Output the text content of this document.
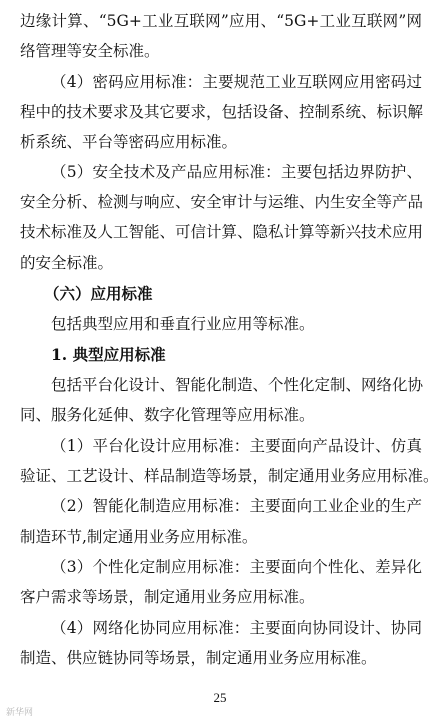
边缘计算、“5G+工业互联网”应用、“5G+工业互联网”网
络管理等安全标准。
（4）密码应用标准：主要规范工业互联网应用密码过
程中的技术要求及其它要求，包括设备、控制系统、标识解
析系统、平台等密码应用标准。
（5）安全技术及产品应用标准：主要包括边界防护、
安全分析、检测与响应、安全审计与运维、内生安全等产品
技术标准及人工智能、可信计算、隐私计算等新兴技术应用
的安全标准。
（六）应用标准
包括典型应用和垂直行业应用等标准。
1. 典型应用标准
包括平台化设计、智能化制造、个性化定制、网络化协
同、服务化延伸、数字化管理等应用标准。
（1）平台化设计应用标准：主要面向产品设计、仿真
验证、工艺设计、样品制造等场景，制定通用业务应用标准。
（2）智能化制造应用标准：主要面向工业企业的生产
制造环节,制定通用业务应用标准。
（3）个性化定制应用标准：主要面向个性化、差异化
客户需求等场景，制定通用业务应用标准。
（4）网络化协同应用标准：主要面向协同设计、协同
制造、供应链协同等场景，制定通用业务应用标准。
25
新华网
